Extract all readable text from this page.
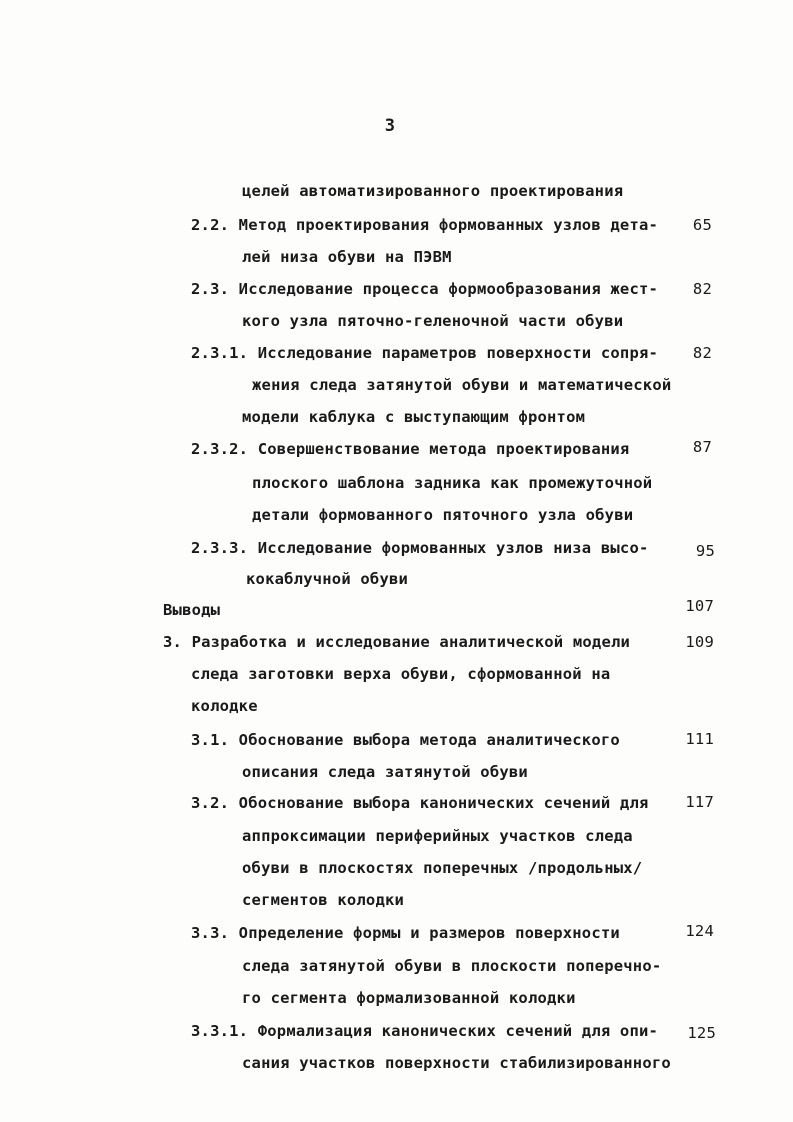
3
целей автоматизированного проектирования
2.2. Метод проектирования формованных узлов дета-	65
лей низа обуви на ПЭВМ
2.3. Исследование процесса формообразования жест-	82
кого узла пяточно-геленочной части обуви
2.3.1. Исследование параметров поверхности сопря-	82
жения следа затянутой обуви и математической
модели каблука с выступающим фронтом
2.3.2. Совершенствование метода проектирования	87
плоского шаблона задника как промежуточной
детали формованного пяточного узла обуви
2.3.3. Исследование формованных узлов низа высо-	95
кокаблучной обуви
Выводы	107
3. Разработка и исследование аналитической модели	109
следа заготовки верха обуви, сформованной на
колодке
3.1. Обоснование выбора метода аналитического	111
описания следа затянутой обуви
3.2. Обоснование выбора канонических сечений для	117
аппроксимации периферийных участков следа
обуви в плоскостях поперечных /продольных/
сегментов колодки
3.3. Определение формы и размеров поверхности	124
следа затянутой обуви в плоскости поперечно-
го сегмента формализованной колодки
3.3.1. Формализация канонических сечений для опи-	125
сания участков поверхности стабилизированного
